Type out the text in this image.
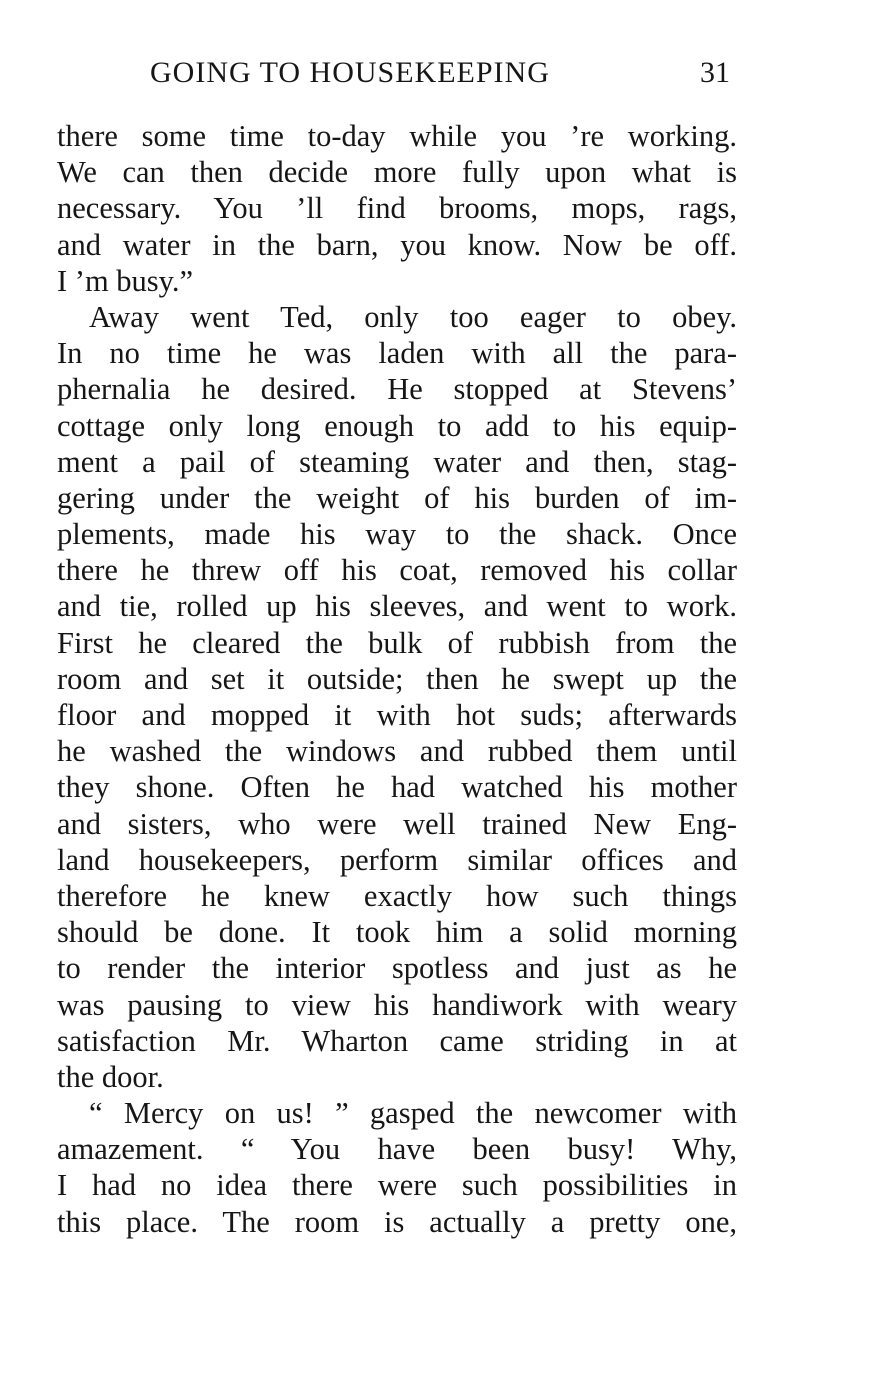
GOING TO HOUSEKEEPING	31
there some time to-day while you ’re working.
We can then decide more fully upon what is
necessary. You ’ll find brooms, mops, rags,
and water in the barn, you know. Now be off.
I ’m busy.”
Away went Ted, only too eager to obey.
In no time he was laden with all the para-
phernalia he desired. He stopped at Stevens’
cottage only long enough to add to his equip-
ment a pail of steaming water and then, stag-
gering under the weight of his burden of im-
plements, made his way to the shack. Once
there he threw off his coat, removed his collar
and tie, rolled up his sleeves, and went to work.
First he cleared the bulk of rubbish from the
room and set it outside; then he swept up the
floor and mopped it with hot suds; afterwards
he washed the windows and rubbed them until
they shone. Often he had watched his mother
and sisters, who were well trained New Eng-
land housekeepers, perform similar offices and
therefore he knew exactly how such things
should be done. It took him a solid morning
to render the interior spotless and just as he
was pausing to view his handiwork with weary
satisfaction Mr. Wharton came striding in at
the door.
“ Mercy on us! ” gasped the newcomer with
amazement. “ You have been busy! Why,
I had no idea there were such possibilities in
this place. The room is actually a pretty one,
